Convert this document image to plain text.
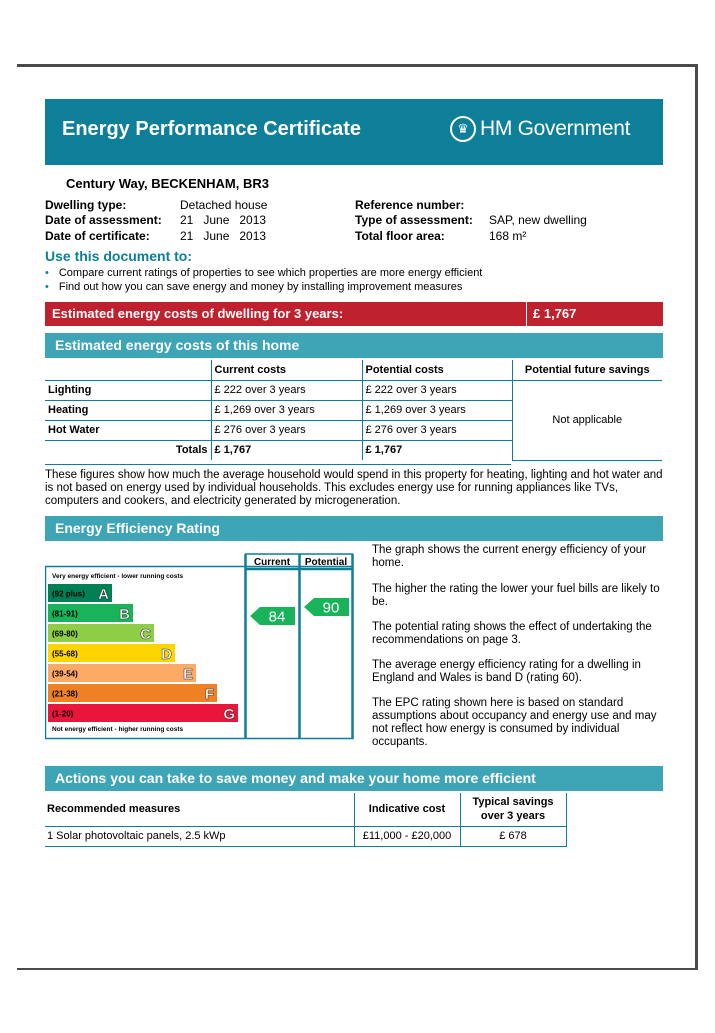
Energy Performance Certificate	♛ HM Government
Century Way, BECKENHAM, BR3
Dwelling type:	Detached house
Date of assessment: 21   June   2013
Date of certificate:	21   June   2013
Reference number:
Type of assessment: SAP, new dwelling
Total floor area:	168 m²
Use this document to:
• Compare current ratings of properties to see which properties are more energy efficient
• Find out how you can save energy and money by installing improvement measures
Estimated energy costs of dwelling for 3 years:	£ 1,767
Estimated energy costs of this home
	Current costs	Potential costs	Potential future savings
Lighting	£ 222 over 3 years	£ 222 over 3 years	Not applicable
Heating	£ 1,269 over 3 years	£ 1,269 over 3 years	
Hot Water	£ 276 over 3 years	£ 276 over 3 years	
Totals	£ 1,767	£ 1,767	
These figures show how much the average household would spend in this property for heating, lighting and hot water and is not based on energy used by individual households. This excludes energy use for running appliances like TVs, computers and cookers, and electricity generated by microgeneration.
Energy Efficiency Rating
Current Potential
Very energy efficient - lower running costs
Not energy efficient - higher running costs
(92 plus) A
(81-91)	B
(69-80)	C
(55-68)	D
(39-54)	E
(21-38)	F
(1-20)	G
84
90
The graph shows the current energy efficiency of your home.
The higher the rating the lower your fuel bills are likely to be.
The potential rating shows the effect of undertaking the recommendations on page 3.
The average energy efficiency rating for a dwelling in England and Wales is band D (rating 60).
The EPC rating shown here is based on standard assumptions about occupancy and energy use and may not reflect how energy is consumed by individual occupants.
Actions you can take to save money and make your home more efficient
Recommended measures	Indicative cost	Typical savings over 3 years
1 Solar photovoltaic panels, 2.5 kWp	£11,000 - £20,000	£ 678
